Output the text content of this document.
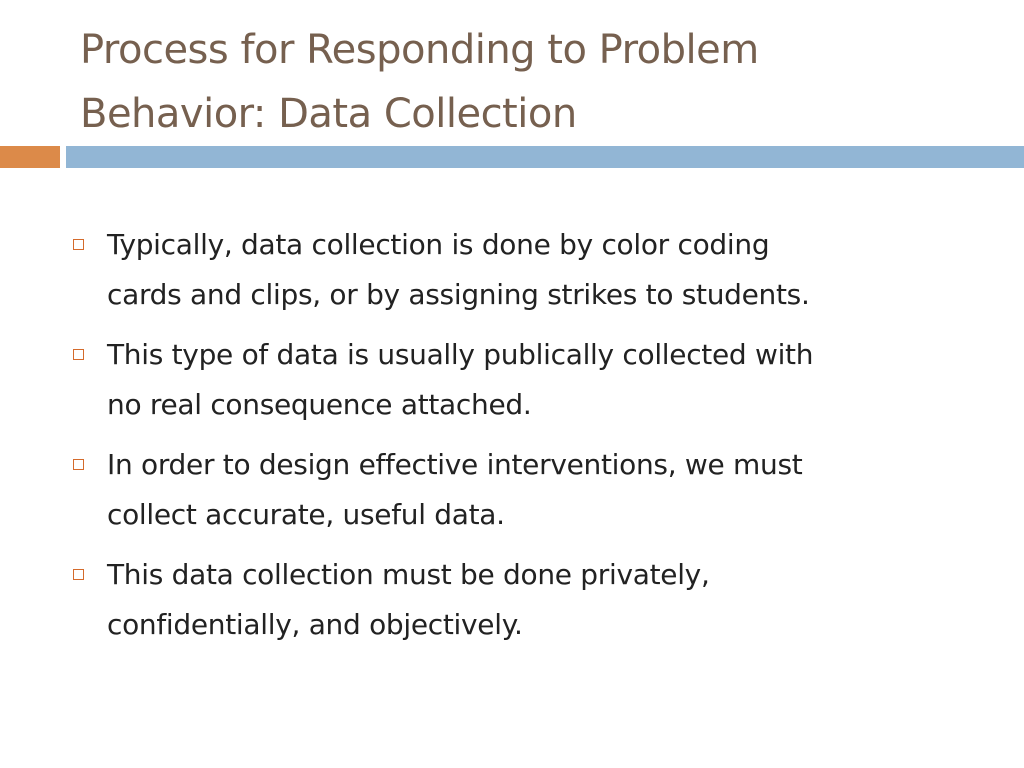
Process for Responding to Problem
Behavior: Data Collection
Typically, data collection is done by color coding
cards and clips, or by assigning strikes to students.
This type of data is usually publically collected with
no real consequence attached.
In order to design effective interventions, we must
collect accurate, useful data.
This data collection must be done privately,
confidentially, and objectively.
